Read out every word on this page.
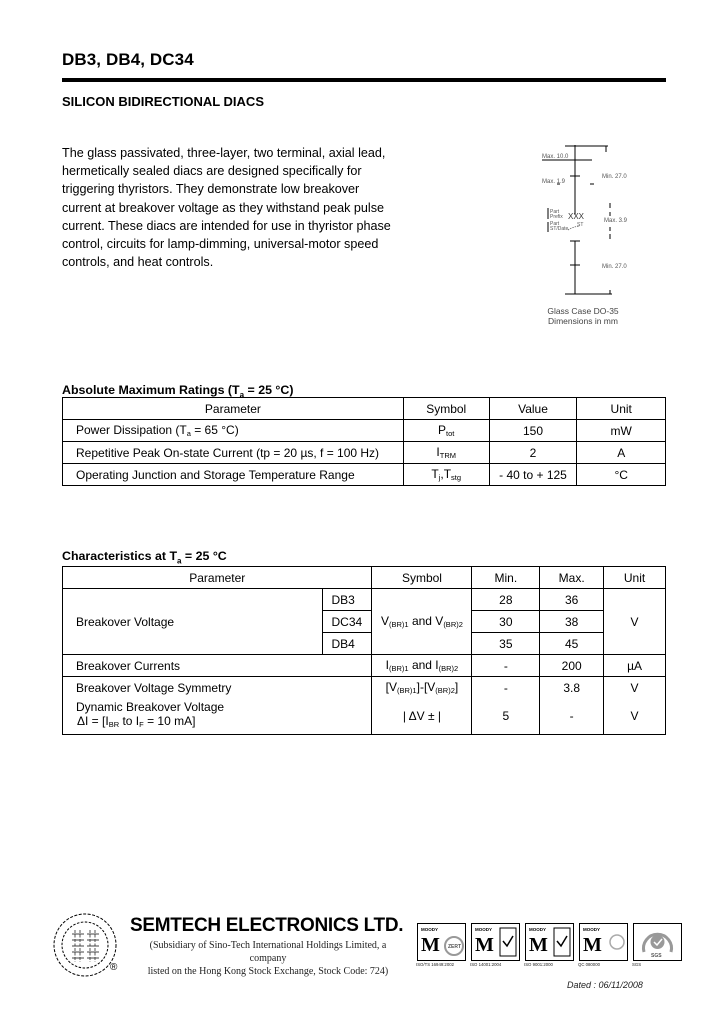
DB3, DB4, DC34
SILICON BIDIRECTIONAL DIACS
The glass passivated, three-layer, two terminal, axial lead,
hermetically sealed diacs are designed specifically for
triggering thyristors. They demonstrate low breakover
current at breakover voltage as they withstand peak pulse
current. These diacs are intended for use in thyristor phase
control, circuits for lamp-dimming, universal-motor speed
controls, and heat controls.
Max. 10.0
Max. 1.9
Min. 27.0
Max. 3.9
Min. 27.0
Part
Prefix
Part
ST/Date
XXX
ST
Glass Case DO-35
Dimensions in mm
Absolute Maximum Ratings ($T_a = 25$ °C)
Parameter	Symbol	Value	Unit
Power Dissipation ($T_a = 65$ °C)	$P_{tot}$	150	mW
Repetitive Peak On-state Current (tp = 20 µs, f = 100 Hz)	$I_{TRM}$	2	A
Operating Junction and Storage Temperature Range	$T_j,T_{stg}$	- 40 to + 125	°C
Characteristics at $T_a = 25$ °C
Parameter		Symbol	Min.	Max.	Unit
Breakover Voltage	DB3	$V_{(BR)1}$ and $V_{(BR)2}$	28	36	V
	DC34		30	38	
	DB4		35	45	
Breakover Currents		$I_{(BR)1}$ and $I_{(BR)2}$	-	200	µA
Breakover Voltage Symmetry		$[V_{(BR)1}]-[V_{(BR)2}]$	-	3.8	V

Dynamic Breakover Voltage
$\Delta I = [I_{BR}$ to $I_F = 10$ mA]		| ΔV ± |	5	-	V
®
SEMTECH ELECTRONICS LTD.
(Subsidiary of Sino-Tech International Holdings Limited, a company
listed on the Hong Kong Stock Exchange, Stock Code: 724)
MOODY
M ZERT
ISO/TS 16949:2002
MOODY
M
ISO 14001:2004
MOODY
M
ISO 9001:2000
MOODY
M
QC 080000
SGS
SGS
Dated : 06/11/2008
